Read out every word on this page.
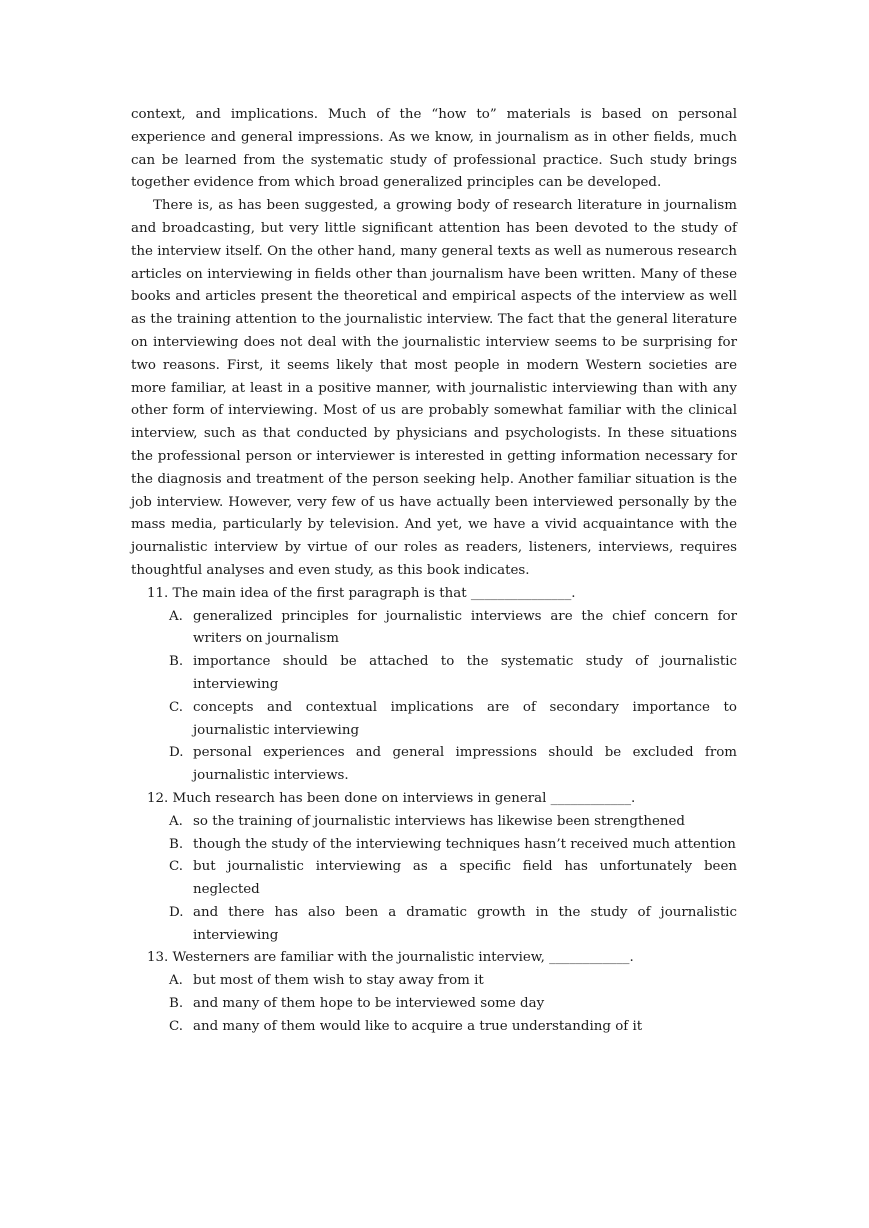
context, and implications. Much of the “how to” materials is based on personal experience and general impressions. As we know, in journalism as in other fields, much can be learned from the systematic study of professional practice. Such study brings together evidence from which broad generalized principles can be developed.

There is, as has been suggested, a growing body of research literature in journalism and broadcasting, but very little significant attention has been devoted to the study of the interview itself. On the other hand, many general texts as well as numerous research articles on interviewing in fields other than journalism have been written. Many of these books and articles present the theoretical and empirical aspects of the interview as well as the training attention to the journalistic interview. The fact that the general literature on interviewing does not deal with the journalistic interview seems to be surprising for two reasons. First, it seems likely that most people in modern Western societies are more familiar, at least in a positive manner, with journalistic interviewing than with any other form of interviewing. Most of us are probably somewhat familiar with the clinical interview, such as that conducted by physicians and psychologists. In these situations the professional person or interviewer is interested in getting information necessary for the diagnosis and treatment of the person seeking help. Another familiar situation is the job interview. However, very few of us have actually been interviewed personally by the mass media, particularly by television. And yet, we have a vivid acquaintance with the journalistic interview by virtue of our roles as readers, listeners, interviews, requires thoughtful analyses and even study, as this book indicates.

11. The main idea of the first paragraph is that _______________.

A. generalized principles for journalistic interviews are the chief concern for writers on journalism

B. importance should be attached to the systematic study of journalistic interviewing

C. concepts and contextual implications are of secondary importance to journalistic interviewing

D. personal experiences and general impressions should be excluded from journalistic interviews.

12. Much research has been done on interviews in general ____________.

A. so the training of journalistic interviews has likewise been strengthened

B. though the study of the interviewing techniques hasn’t received much attention

C. but journalistic interviewing as a specific field has unfortunately been neglected

D. and there has also been a dramatic growth in the study of journalistic interviewing

13. Westerners are familiar with the journalistic interview, ____________.

A. but most of them wish to stay away from it

B. and many of them hope to be interviewed some day

C. and many of them would like to acquire a true understanding of it
